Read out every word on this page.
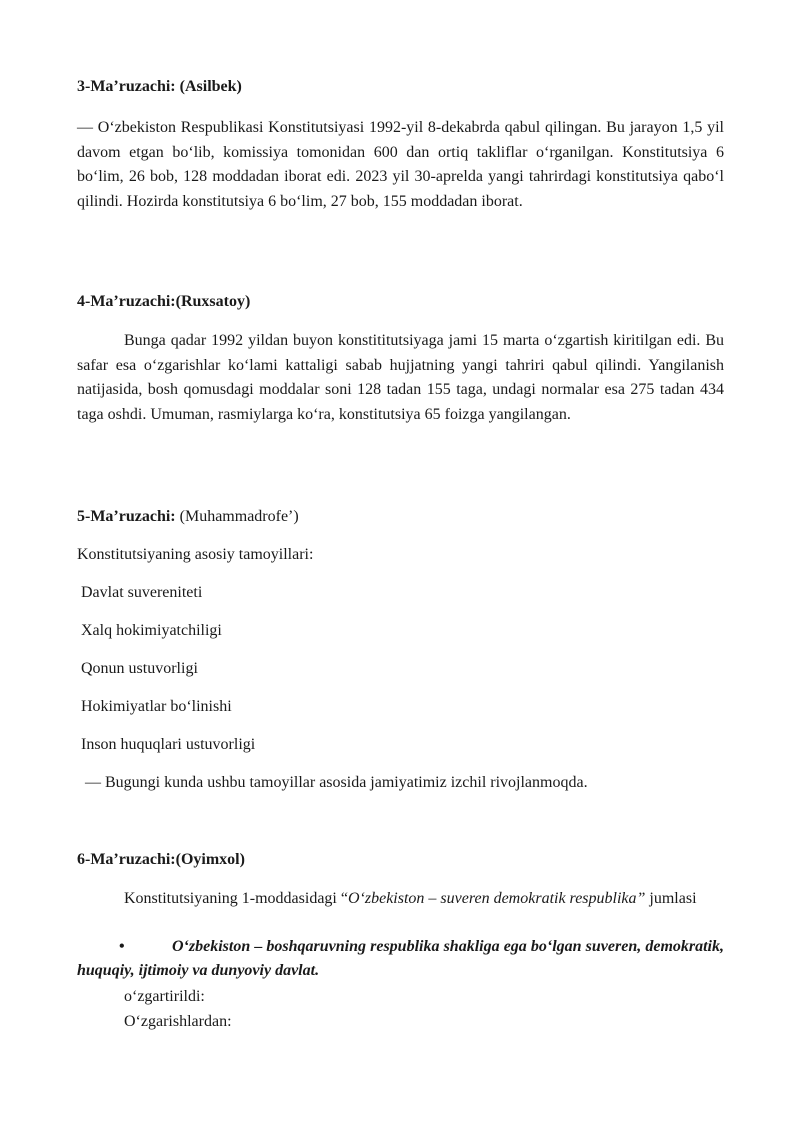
3-Ma’ruzachi: (Asilbek)

— O‘zbekiston Respublikasi Konstitutsiyasi 1992-yil 8-dekabrda qabul qilingan. Bu jarayon 1,5 yil davom etgan bo‘lib, komissiya tomonidan 600 dan ortiq takliflar o‘rganilgan. Konstitutsiya 6 bo‘lim, 26 bob, 128 moddadan iborat edi. 2023 yil 30-aprelda yangi tahrirdagi konstitutsiya qabo‘l qilindi. Hozirda konstitutsiya 6 bo‘lim, 27 bob, 155 moddadan iborat.

4-Ma’ruzachi:(Ruxsatoy)

Bunga qadar 1992 yildan buyon konstititutsiyaga jami 15 marta o‘zgartish kiritilgan edi. Bu safar esa o‘zgarishlar ko‘lami kattaligi sabab hujjatning yangi tahriri qabul qilindi. Yangilanish natijasida, bosh qomusdagi moddalar soni 128 tadan 155 taga, undagi normalar esa 275 tadan 434 taga oshdi. Umuman, rasmiylarga ko‘ra, konstitutsiya 65 foizga yangilangan.

5-Ma’ruzachi: (Muhammadrofe’)

Konstitutsiyaning asosiy tamoyillari:

Davlat suvereniteti

Xalq hokimiyatchiligi

Qonun ustuvorligi

Hokimiyatlar bo‘linishi

Inson huquqlari ustuvorligi

— Bugungi kunda ushbu tamoyillar asosida jamiyatimiz izchil rivojlanmoqda.

6-Ma’ruzachi:(Oyimxol)

Konstitutsiyaning 1-moddasidagi “O‘zbekiston – suveren demokratik respublika” jumlasi

•	O‘zbekiston – boshqaruvning respublika shakliga ega bo‘lgan suveren, demokratik, huquqiy, ijtimoiy va dunyoviy davlat.

o‘zgartirildi:

O‘zgarishlardan:
